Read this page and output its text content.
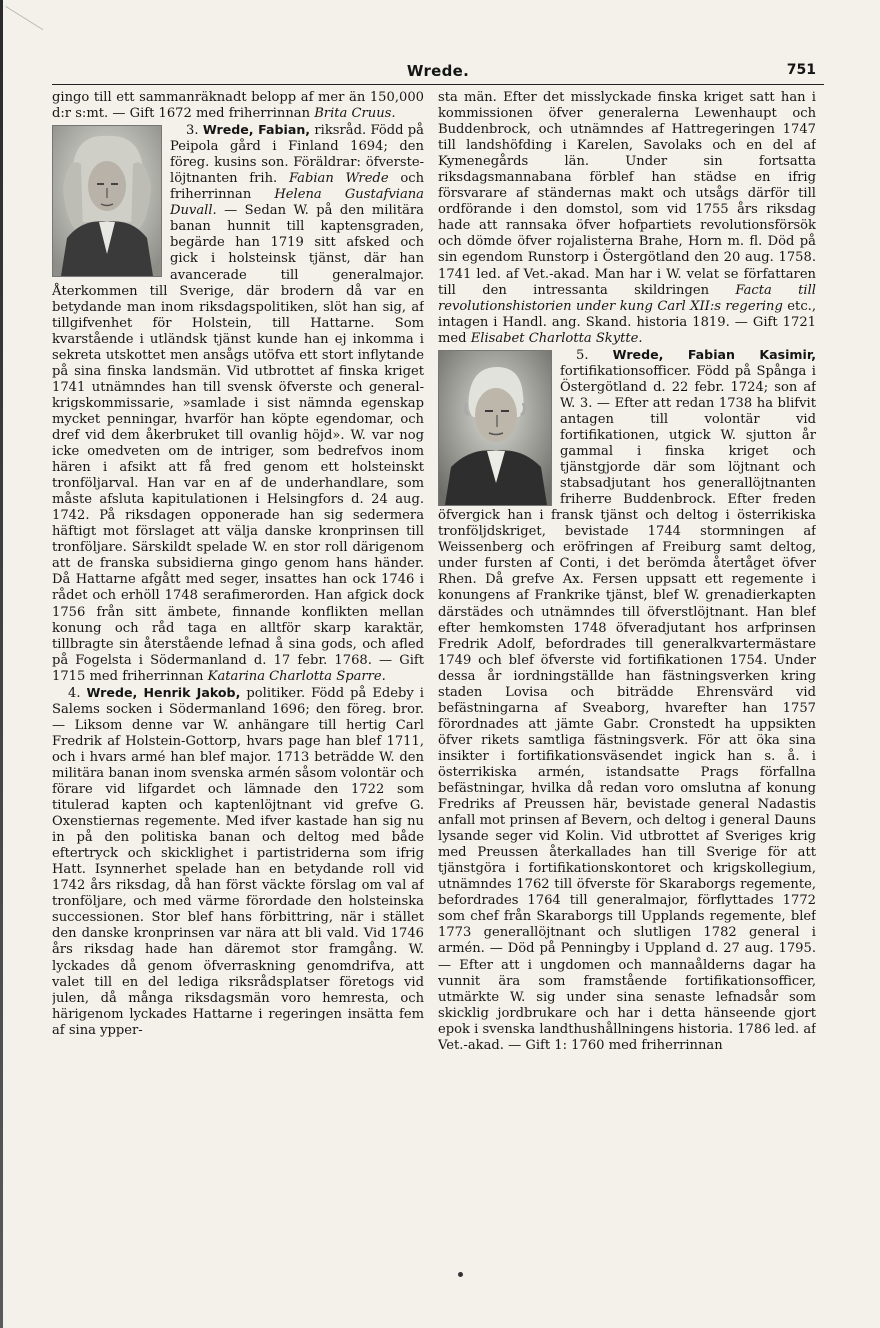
Wrede.	751

gingo till ett sammanräknadt belopp af mer än 150,000 d:r s:mt. — Gift 1672 med friherrinnan Brita Cruus.

3. Wrede, Fabian,
riksråd. Född på Peipola gård i Finland 1694; den föreg. kusins son. Föräldrar: öfverste-löjtnanten frih. Fabian Wrede och friherrinnan Helena Gustafviana Duvall. — Sedan W. på den militära banan hunnit till kaptensgraden, begärde han 1719 sitt afsked och gick i holsteinsk tjänst, där han avancerade till generalmajor. Återkommen till Sverige, där brodern då var en betydande man inom riksdagspolitiken, slöt han sig, af tillgifvenhet för Holstein, till Hattarne. Som kvarstående i utländsk tjänst kunde han ej inkomma i sekreta utskottet men ansågs utöfva ett stort inflytande på sina finska landsmän. Vid utbrottet af finska kriget 1741 utnämndes han till svensk öfverste och general-krigskommissarie, »samlade i sist nämnda egenskap mycket penningar, hvarför han köpte egendomar, och dref vid dem åkerbruket till ovanlig höjd». W. var nog icke omedveten om de intriger, som bedrefvos inom hären i afsikt att få fred genom ett holsteinskt tronföljarval. Han var en af de underhandlare, som måste afsluta kapitulationen i Helsingfors d. 24 aug. 1742. På riksdagen opponerade han sig sedermera häftigt mot förslaget att välja danske kronprinsen till tronföljare. Särskildt spelade W. en stor roll därigenom att de franska subsidierna gingo genom hans händer. Då Hattarne afgått med seger, insattes han ock 1746 i rådet och erhöll 1748 serafimerorden. Han afgick dock 1756 från sitt ämbete, finnande konflikten mellan konung och råd taga en alltför skarp karaktär, tillbragte sin återstående lefnad å sina gods, och afled på Fogelsta i Södermanland d. 17 febr. 1768. — Gift 1715 med friherrinnan Katarina Charlotta Sparre.

4. Wrede, Henrik Jakob, politiker. Född på Edeby i Salems socken i Södermanland 1696; den föreg. bror. — Liksom denne var W. anhängare till hertig Carl Fredrik af Holstein-Gottorp, hvars page han blef 1711, och i hvars armé han blef major. 1713 beträdde W. den militära banan inom svenska armén såsom volontär och förare vid lifgardet och lämnade den 1722 som titulerad kapten och kaptenlöjtnant vid grefve G. Oxenstiernas regemente. Med ifver kastade han sig nu in på den politiska banan och deltog med både eftertryck och skicklighet i partistriderna som ifrig Hatt. Isynnerhet spelade han en betydande roll vid 1742 års riksdag, då han först väckte förslag om val af tronföljare, och med värme förordade den holsteinska successionen. Stor blef hans förbittring, när i stället den danske kronprinsen var nära att bli vald. Vid 1746 års riksdag hade han däremot stor framgång. W. lyckades då genom öfverraskning genomdrifva, att valet till en del lediga riksrådsplatser företogs vid julen, då många riksdagsmän voro hemresta, och härigenom lyckades Hattarne i regeringen insätta fem af sina ypper-

sta män. Efter det misslyckade finska kriget satt han i kommissionen öfver generalerna Lewenhaupt och Buddenbrock, och utnämndes af Hattregeringen 1747 till landshöfding i Karelen, Savolaks och en del af Kymenegårds län. Under sin fortsatta riksdagsmannabana förblef han städse en ifrig försvarare af ständernas makt och utsågs därför till ordförande i den domstol, som vid 1755 års riksdag hade att rannsaka öfver hofpartiets revolutionsförsök och dömde öfver rojalisterna Brahe, Horn m. fl. Död på sin egendom Runstorp i Östergötland den 20 aug. 1758. 1741 led. af Vet.-akad. Man har i W. velat se författaren till den intressanta skildringen Facta till revolutionshistorien under kung Carl XII:s regering etc., intagen i Handl. ang. Skand. historia 1819. — Gift 1721 med Elisabet Charlotta Skytte.

5. Wrede, Fabian Kasimir,
fortifikationsofficer. Född på Spånga i Östergötland d. 22 febr. 1724; son af W. 3. — Efter att redan 1738 ha blifvit antagen till volontär vid fortifikationen, utgick W. sjutton år gammal i finska kriget och tjänstgjorde där som löjtnant och stabsadjutant hos generallöjtnanten friherre Buddenbrock. Efter freden öfvergick han i fransk tjänst och deltog i österrikiska tronföljdskriget, bevistade 1744 stormningen af Weissenberg och eröfringen af Freiburg samt deltog, under fursten af Conti, i det berömda återtåget öfver Rhen. Då grefve Ax. Fersen uppsatt ett regemente i konungens af Frankrike tjänst, blef W. grenadierkapten därstädes och utnämndes till öfverstlöjtnant. Han blef efter hemkomsten 1748 öfveradjutant hos arfprinsen Fredrik Adolf, befordrades till generalkvartermästare 1749 och blef öfverste vid fortifikationen 1754. Under dessa år iordningställde han fästningsverken kring staden Lovisa och biträdde Ehrensvärd vid befästningarna af Sveaborg, hvarefter han 1757 förordnades att jämte Gabr. Cronstedt ha uppsikten öfver rikets samtliga fästningsverk. För att öka sina insikter i fortifikationsväsendet ingick han s. å. i österrikiska armén, istandsatte Prags förfallna befästningar, hvilka då redan voro omslutna af konung Fredriks af Preussen här, bevistade general Nadastis anfall mot prinsen af Bevern, och deltog i general Dauns lysande seger vid Kolin. Vid utbrottet af Sveriges krig med Preussen återkallades han till Sverige för att tjänstgöra i fortifikationskontoret och krigskollegium, utnämndes 1762 till öfverste för Skaraborgs regemente, befordrades 1764 till generalmajor, förflyttades 1772 som chef från Skaraborgs till Upplands regemente, blef 1773 generallöjtnant och slutligen 1782 general i armén. — Död på Penningby i Uppland d. 27 aug. 1795. — Efter att i ungdomen och mannaålderns dagar ha vunnit ära som framstående fortifikationsofficer, utmärkte W. sig under sina senaste lefnadsår som skicklig jordbrukare och har i detta hänseende gjort epok i svenska landthushållningens historia. 1786 led. af Vet.-akad. — Gift 1: 1760 med friherrinnan
